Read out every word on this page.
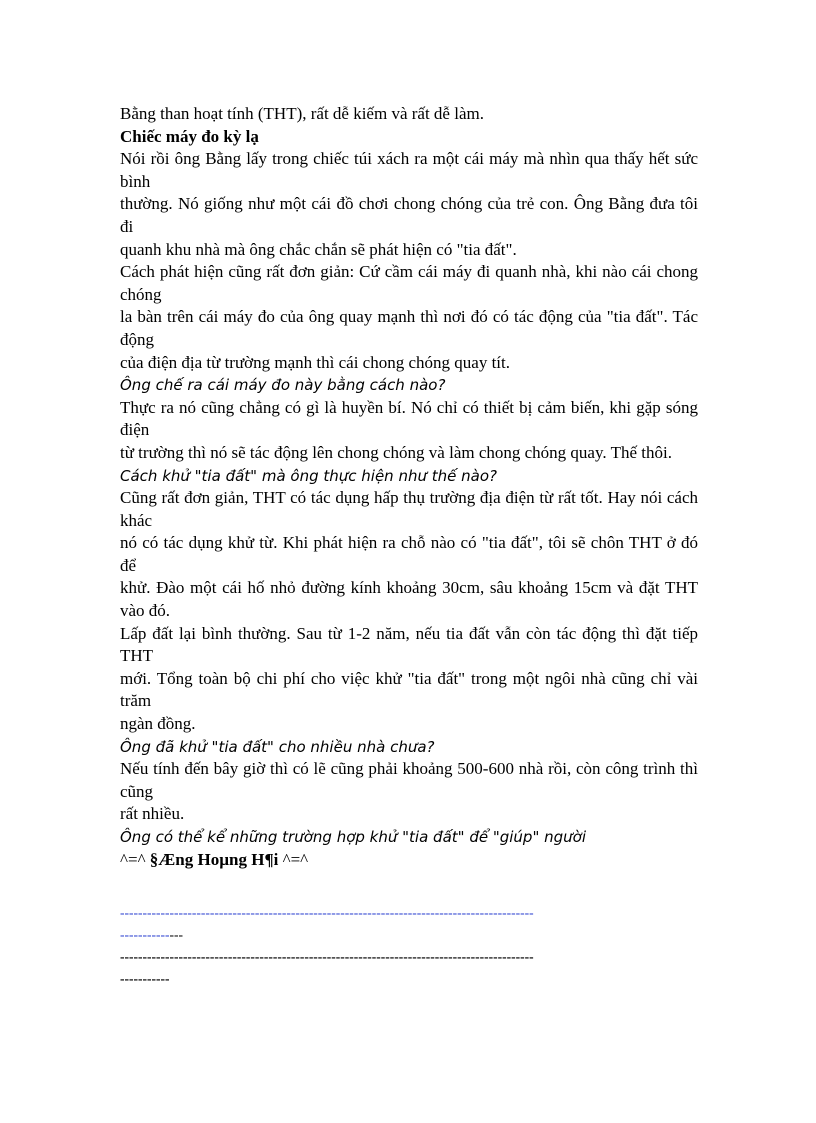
Bằng than hoạt tính (THT), rất dễ kiếm và rất dễ làm.

Chiếc máy đo kỳ lạ

Nói rồi ông Bằng lấy trong chiếc túi xách ra một cái máy mà nhìn qua thấy hết sức bình
thường. Nó giống như một cái đồ chơi chong chóng của trẻ con. Ông Bằng đưa tôi đi
quanh khu nhà mà ông chắc chắn sẽ phát hiện có "tia đất".
Cách phát hiện cũng rất đơn giản: Cứ cầm cái máy đi quanh nhà, khi nào cái chong chóng
la bàn trên cái máy đo của ông quay mạnh thì nơi đó có tác động của "tia đất". Tác động
của điện địa từ trường mạnh thì cái chong chóng quay tít.

Ông chế ra cái máy đo này bằng cách nào?

Thực ra nó cũng chẳng có gì là huyền bí. Nó chỉ có thiết bị cảm biến, khi gặp sóng điện
từ trường thì nó sẽ tác động lên chong chóng và làm chong chóng quay. Thế thôi.

Cách khử "tia đất" mà ông thực hiện như thế nào?

Cũng rất đơn giản, THT có tác dụng hấp thụ trường địa điện từ rất tốt. Hay nói cách khác
nó có tác dụng khử từ. Khi phát hiện ra chỗ nào có "tia đất", tôi sẽ chôn THT ở đó để
khử. Đào một cái hố nhỏ đường kính khoảng 30cm, sâu khoảng 15cm và đặt THT vào đó.
Lấp đất lại bình thường. Sau từ 1-2 năm, nếu tia đất vẫn còn tác động thì đặt tiếp THT
mới. Tổng toàn bộ chi phí cho việc khử "tia đất" trong một ngôi nhà cũng chỉ vài trăm
ngàn đồng.

Ông đã khử "tia đất" cho nhiều nhà chưa?

Nếu tính đến bây giờ thì có lẽ cũng phải khoảng 500-600 nhà rồi, còn công trình thì cũng
rất nhiều.

Ông có thể kể những trường hợp khử "tia đất" để "giúp" người

^=^ §Æng Hoµng H¶i ^=^

--------------------------------------------------------------------------------------------
--------------
--------------------------------------------------------------------------------------------
-----------
